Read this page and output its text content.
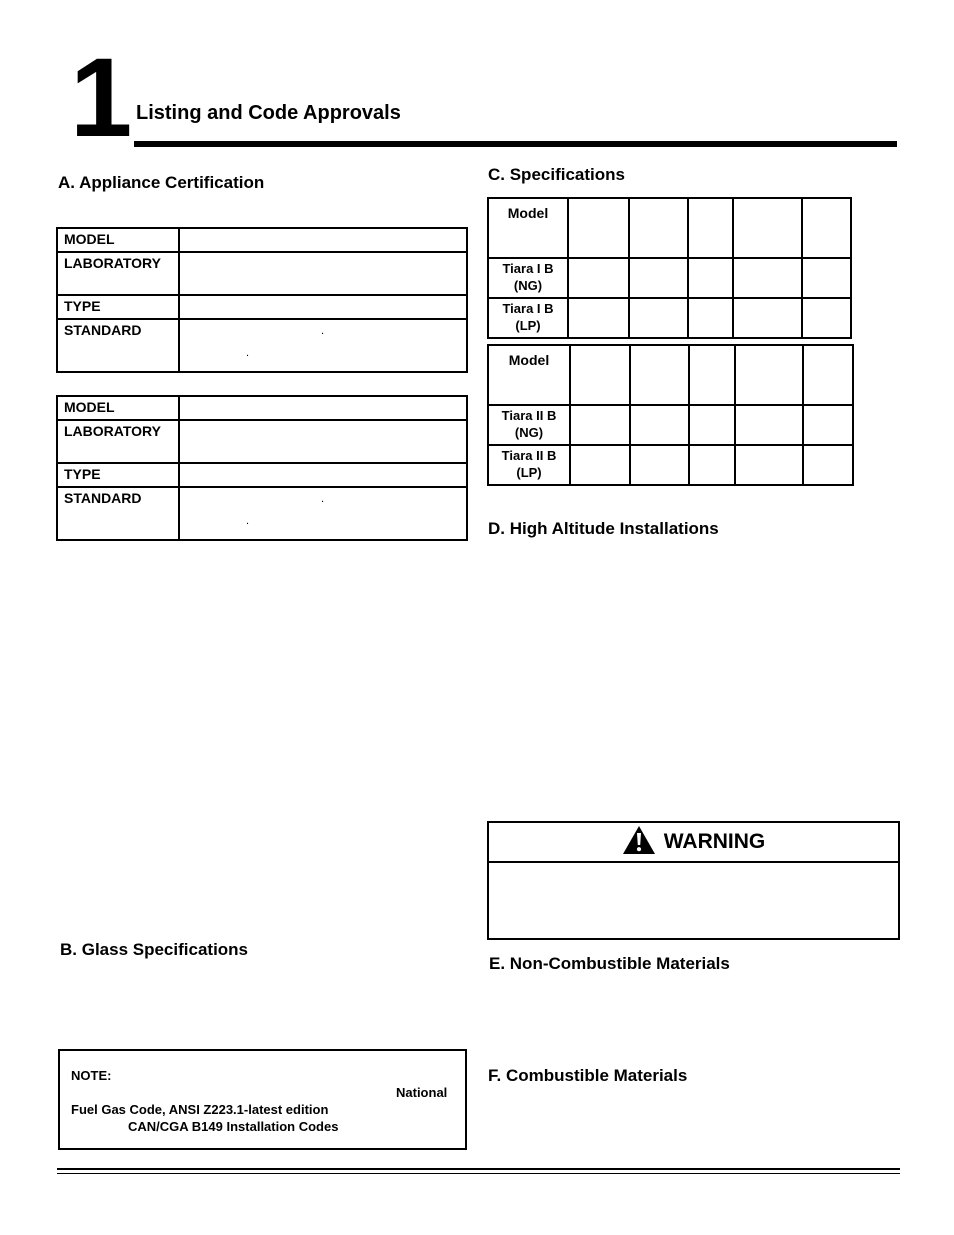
1 Listing and Code Approvals
A. Appliance Certification
MODEL	
LABORATORY	
TYPE	
STANDARD	.
.
MODEL	
LABORATORY	
TYPE	
STANDARD	.
.
B. Glass Specifications
NOTE:
National
Fuel Gas Code, ANSI Z223.1-latest edition
CAN/CGA B149 Installation Codes
C. Specifications
Model					
Tiara I B
(NG)					
Tiara I B
(LP)					
Model					
Tiara II B
(NG)					
Tiara II B
(LP)					
D. High Altitude Installations
WARNING
E. Non-Combustible Materials
F. Combustible Materials
